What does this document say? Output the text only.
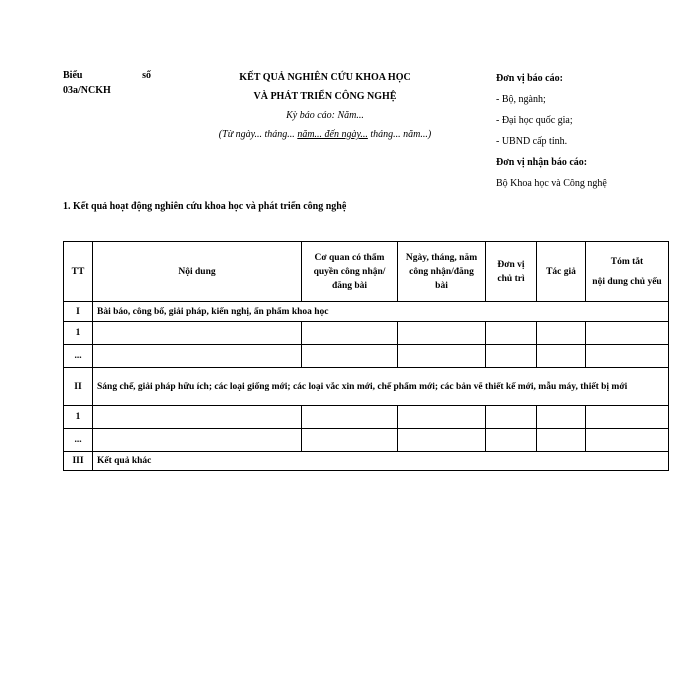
Biểu	số
03a/NCKH
KẾT QUẢ NGHIÊN CỨU KHOA HỌC
VÀ PHÁT TRIỂN CÔNG NGHỆ
Kỳ báo cáo: Năm...
(Từ ngày... tháng... năm... đến ngày... tháng... năm...)
Đơn vị báo cáo:
- Bộ, ngành;
- Đại học quốc gia;
- UBND cấp tỉnh.
Đơn vị nhận báo cáo:
Bộ Khoa học và Công nghệ
1. Kết quả hoạt động nghiên cứu khoa học và phát triển công nghệ
TT	Nội dung	Cơ quan có thẩm quyền công nhận/ đăng bài	Ngày, tháng, năm công nhận/đăng bài	Đơn vị chủ trì	Tác giả	Tóm tắt
nội dung chủ yếu

I	Bài báo, công bố, giải pháp, kiến nghị, ấn phẩm khoa học					
1						
...						
II	Sáng chế, giải pháp hữu ích; các loại giống mới; các loại vắc xin mới, chế phẩm mới; các bản vẽ thiết kế mới, mẫu máy, thiết bị mới					
1						
...						
III	Kết quả khác					
